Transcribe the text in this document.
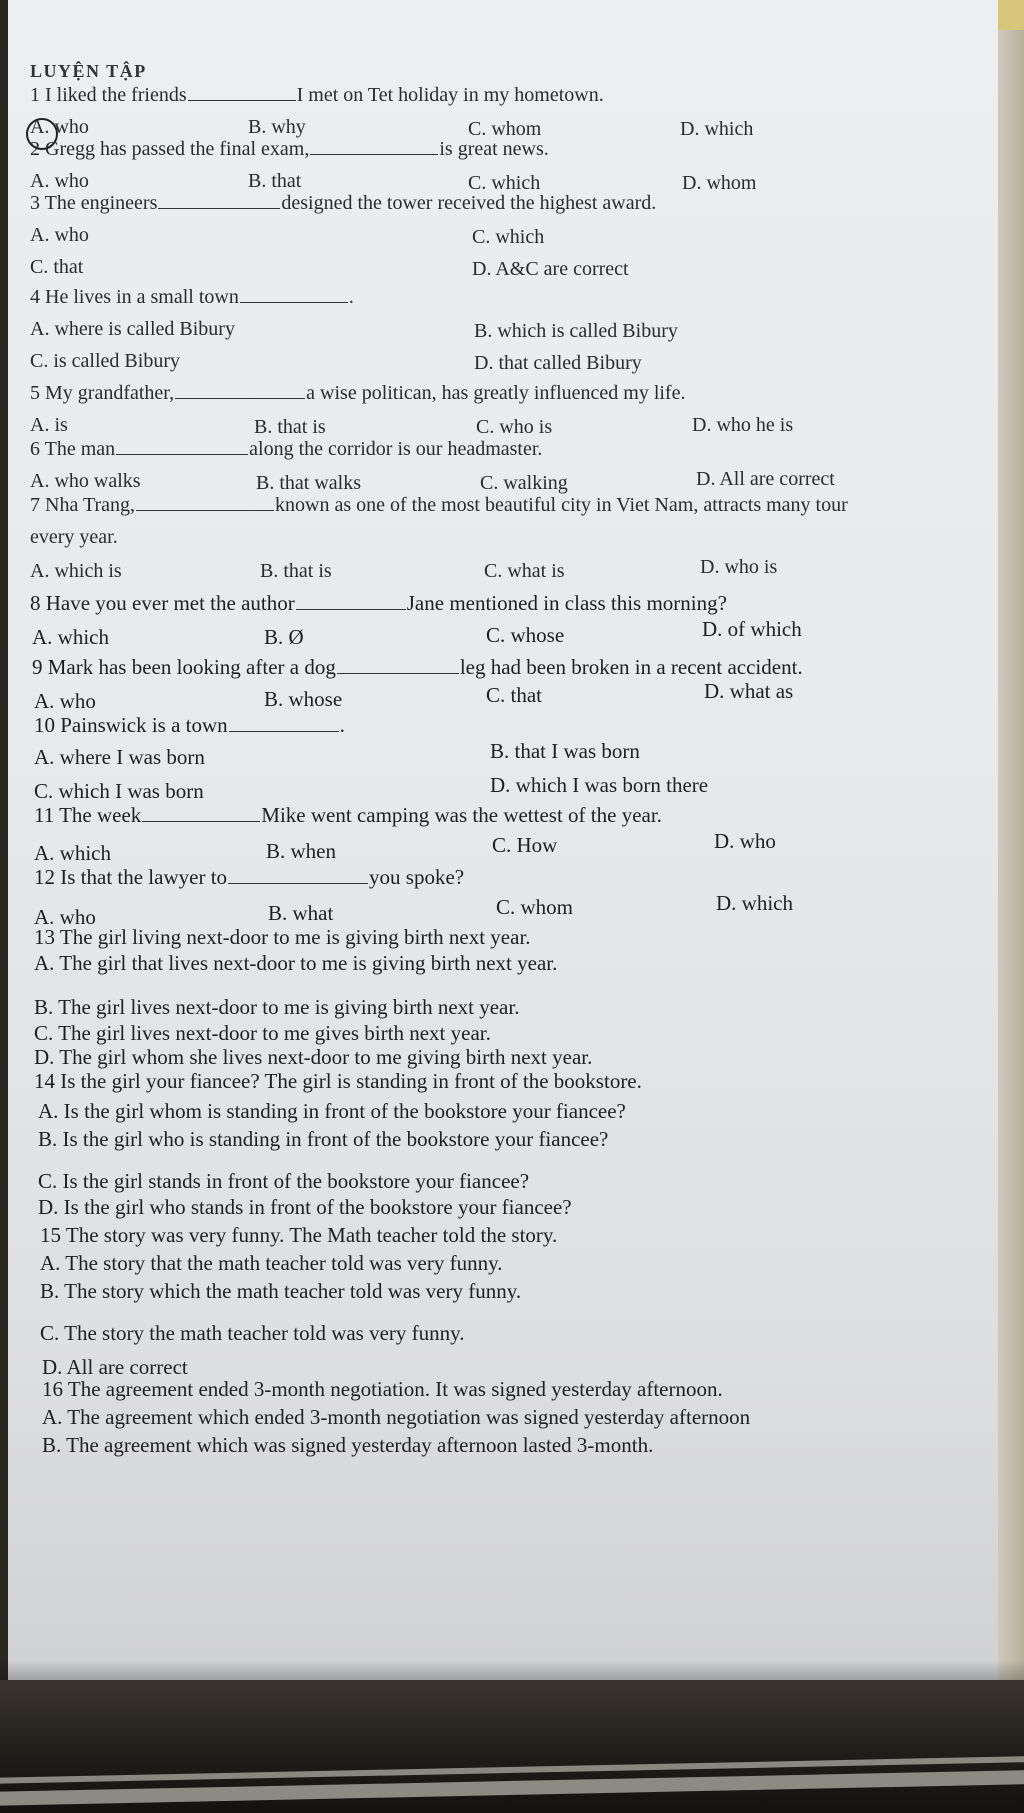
LUYỆN TẬP
1 I liked the friends	I met on Tet holiday in my hometown.
A. who	B. why	C. whom	D. which
2 Gregg has passed the final exam,	is great news.
A. who	B. that	C. which	D. whom
3 The engineers	designed the tower received the highest award.
A. who	C. which
C. that	D. A&C are correct
4 He lives in a small town	.
A. where is called Bibury	B. which is called Bibury
C. is called Bibury	D. that called Bibury
5 My grandfather,	a wise politican, has greatly influenced my life.
A. is	B. that is	C. who is	D. who he is
6 The man	along the corridor is our headmaster.
A. who walks	B. that walks	C. walking	D. All are correct
7 Nha Trang,	known as one of the most beautiful city in Viet Nam, attracts many tour
every year.
A. which is	B. that is	C. what is	D. who is
8 Have you ever met the author	Jane mentioned in class this morning?
A. which	B. Ø	C. whose	D. of which
9 Mark has been looking after a dog	leg had been broken in a recent accident.
A. who	B. whose	C. that	D. what as
10 Painswick is a town	.
A. where I was born	B. that I was born
C. which I was born	D. which I was born there
11 The week	Mike went camping was the wettest of the year.
A. which	B. when	C. How	D. who
12 Is that the lawyer to	you spoke?
A. who	B. what	C. whom	D. which
13 The girl living next-door to me is giving birth next year.
A. The girl that lives next-door to me is giving birth next year.
B. The girl lives next-door to me is giving birth next year.
C. The girl lives next-door to me gives birth next year.
D. The girl whom she lives next-door to me giving birth next year.
14 Is the girl your fiancee? The girl is standing in front of the bookstore.
A. Is the girl whom is standing in front of the bookstore your fiancee?
B. Is the girl who is standing in front of the bookstore your fiancee?
C. Is the girl stands in front of the bookstore your fiancee?
D. Is the girl who stands in front of the bookstore your fiancee?
15 The story was very funny. The Math teacher told the story.
A. The story that the math teacher told was very funny.
B. The story which the math teacher told was very funny.
C. The story the math teacher told was very funny.
D. All are correct
16 The agreement ended 3-month negotiation. It was signed yesterday afternoon.
A. The agreement which ended 3-month negotiation was signed yesterday afternoon
B. The agreement which was signed yesterday afternoon lasted 3-month.
